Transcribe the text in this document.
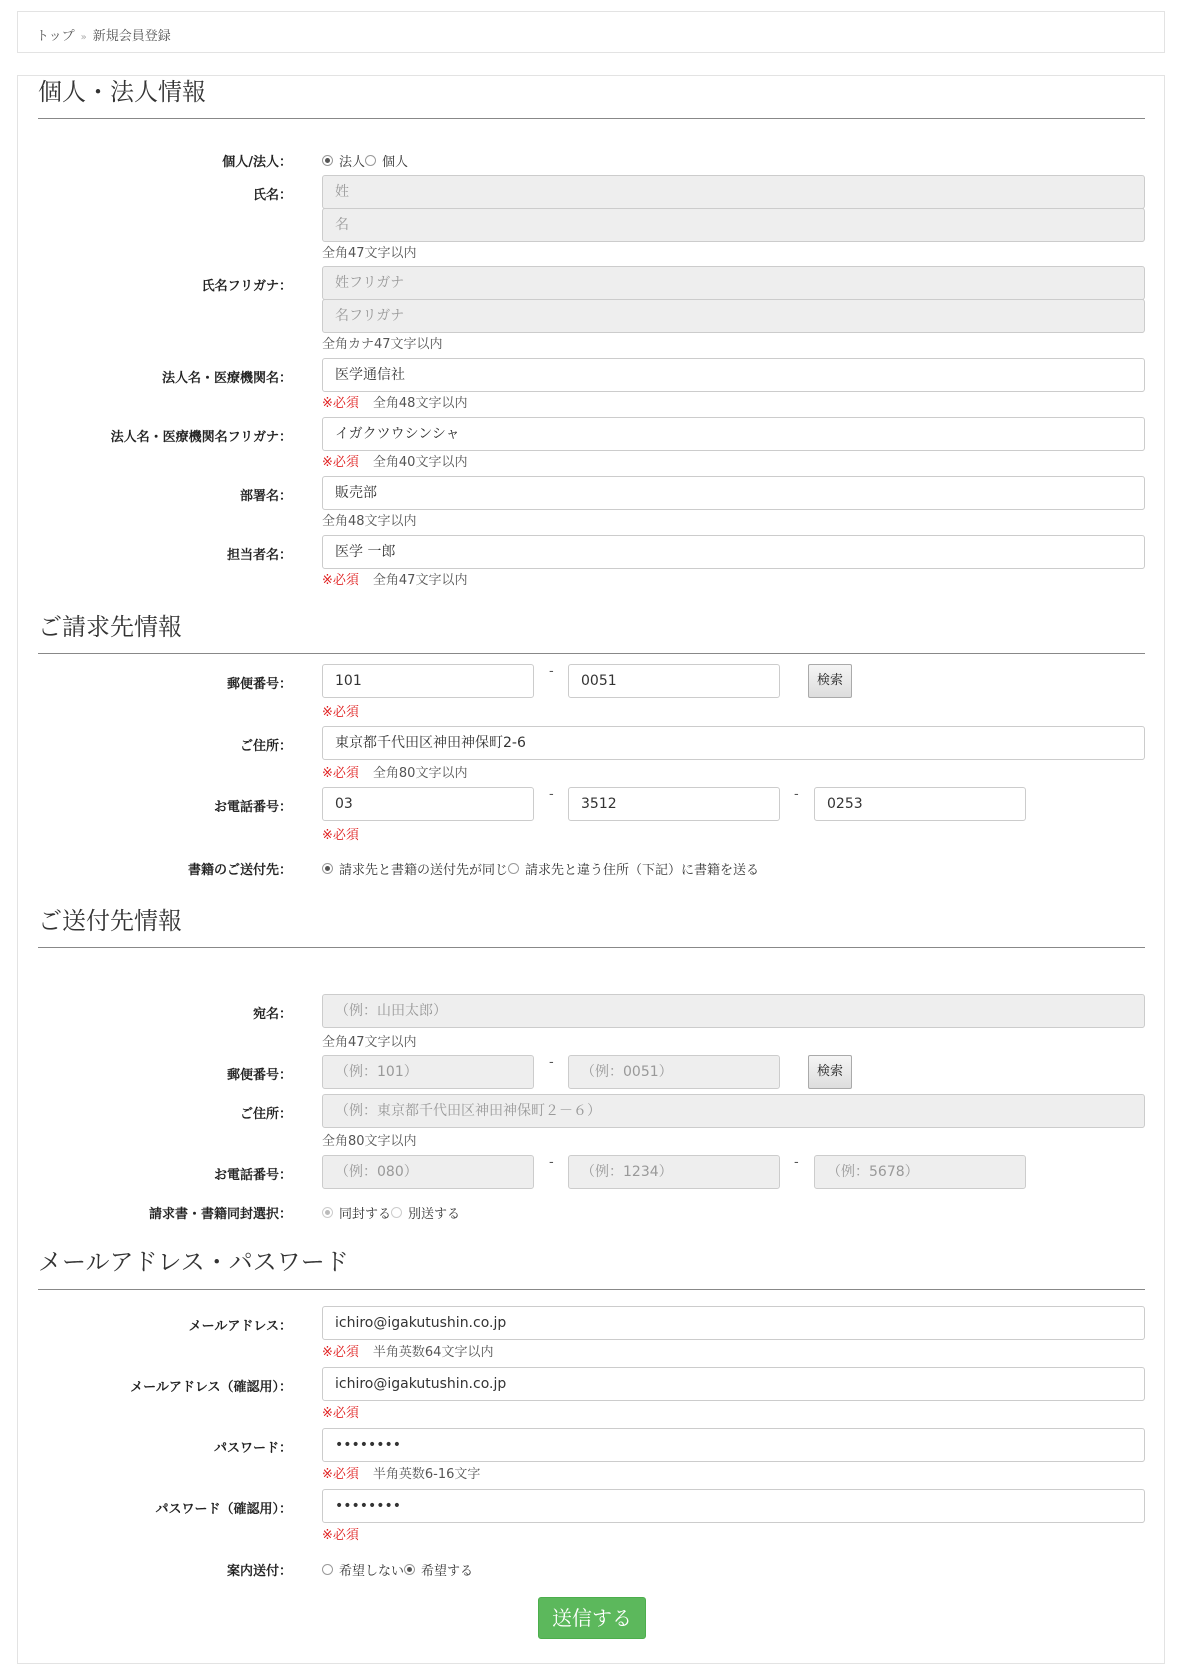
トップ » 新規会員登録
個人・法人情報
個人/法人：	法人 個人
氏名：	姓
名
全角47文字以内
氏名フリガナ：	姓フリガナ
名フリガナ
全角カナ47文字以内
法人名・医療機関名：	医学通信社
※必須 全角48文字以内
法人名・医療機関名フリガナ：	イガクツウシンシャ
※必須 全角40文字以内
部署名：	販売部
全角48文字以内
担当者名：	医学 一郎
※必須 全角47文字以内
ご請求先情報
郵便番号：	101
-
0051	検索
※必須
ご住所：	東京都千代田区神田神保町2-6
※必須 全角80文字以内
お電話番号：	03
-
3512
-
0253
※必須
書籍のご送付先：	請求先と書籍の送付先が同じ 請求先と違う住所（下記）に書籍を送る
ご送付先情報
宛名：	（例：山田太郎）
全角47文字以内
郵便番号：	（例：101）
-
（例：0051）	検索
ご住所：	（例：東京都千代田区神田神保町２－６）
全角80文字以内
お電話番号：	（例：080）
-
（例：1234）
-
（例：5678）
請求書・書籍同封選択：	同封する 別送する
メールアドレス・パスワード
メールアドレス：	ichiro@igakutushin.co.jp
※必須 半角英数64文字以内
メールアドレス（確認用）：	ichiro@igakutushin.co.jp
※必須
パスワード：	••••••••
※必須 半角英数6-16文字
パスワード（確認用）：	••••••••
※必須
案内送付：	希望しない 希望する
送信する
